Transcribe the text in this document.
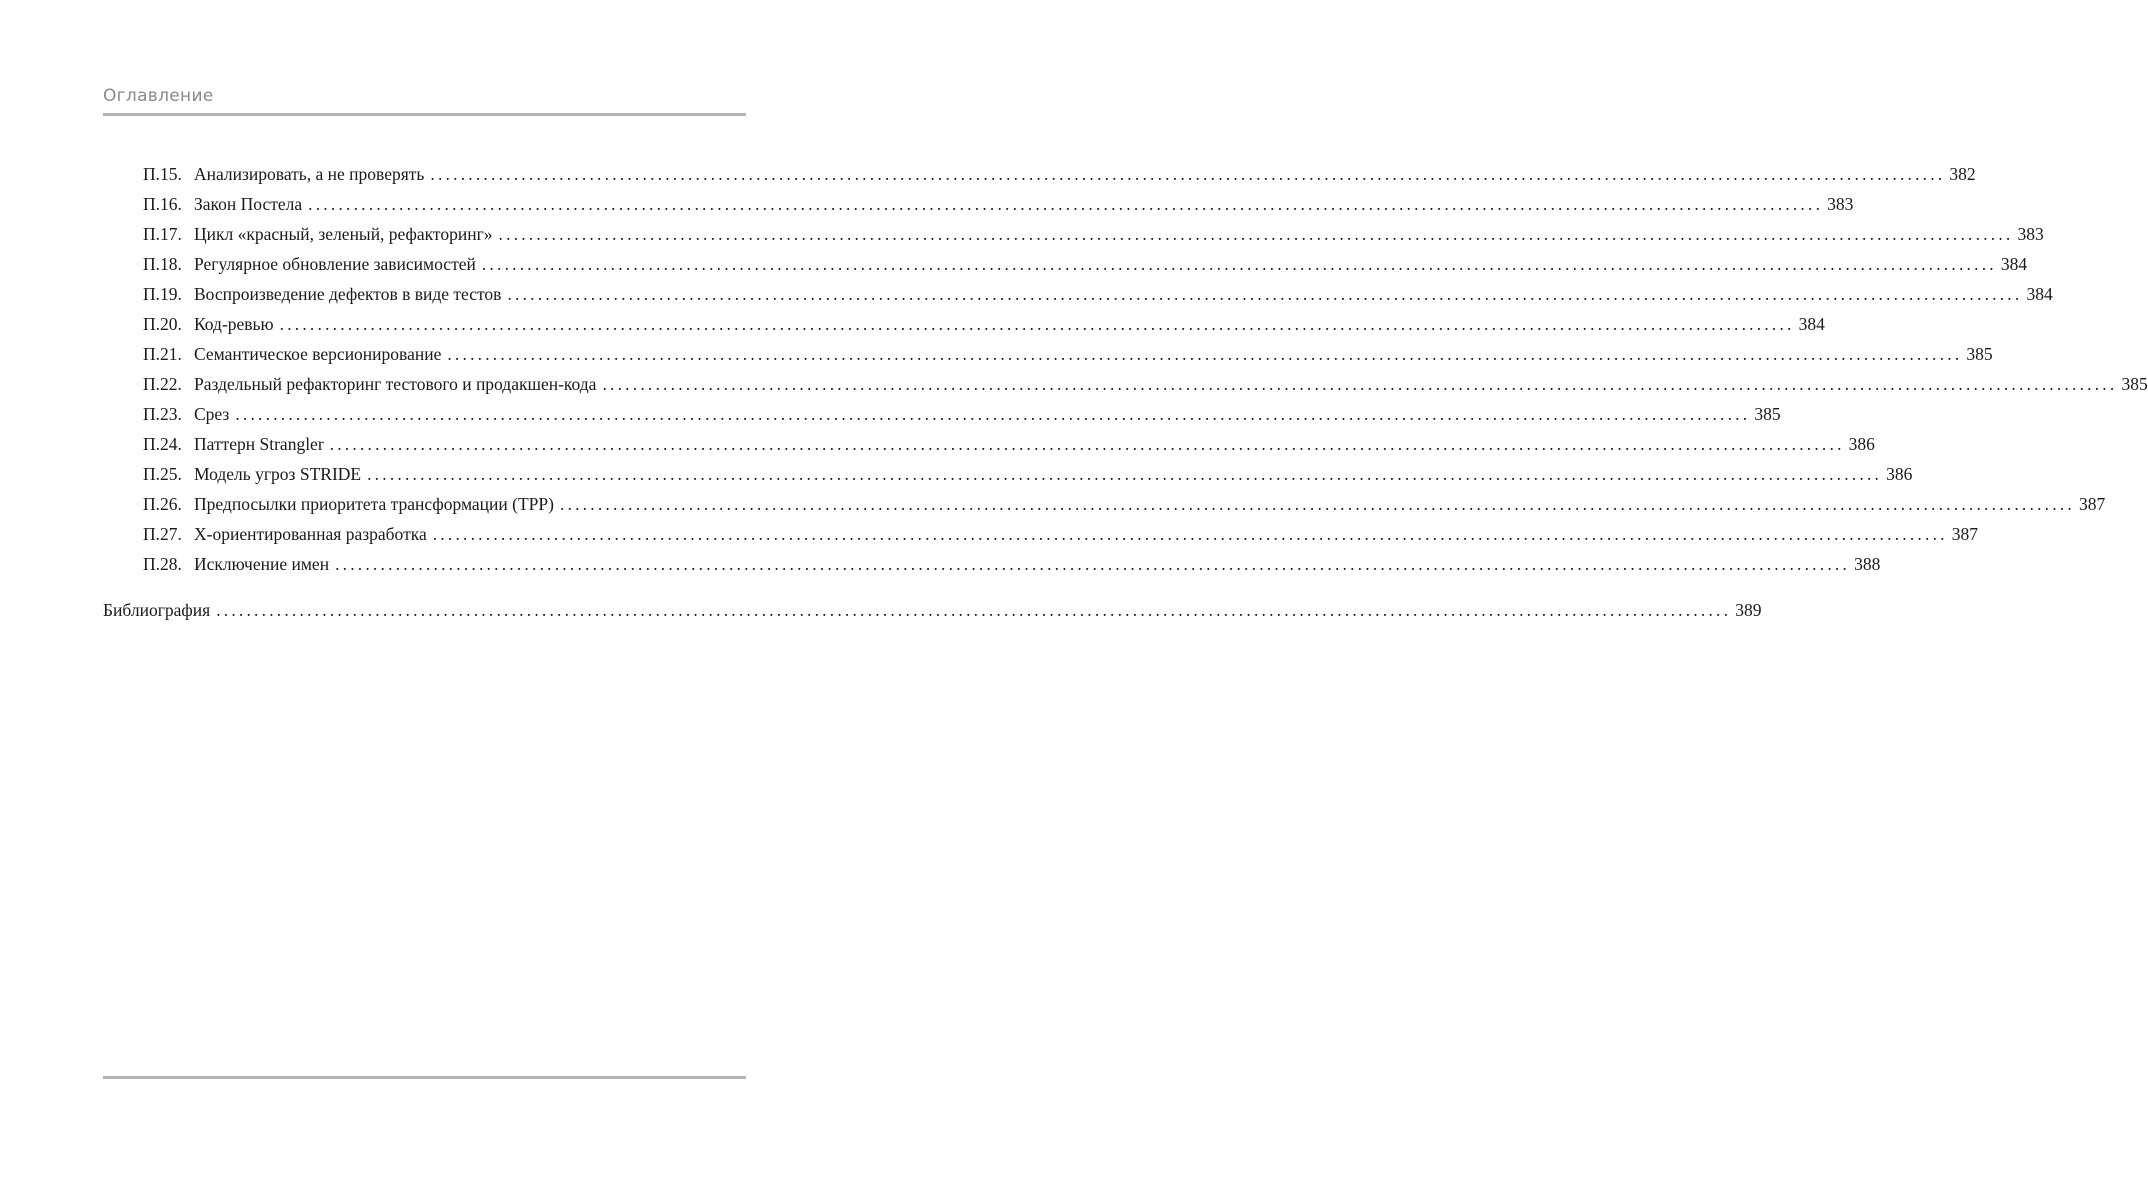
Оглавление
П.15. Анализировать, а не проверять ........................................................................................................................................................................................................ 382
П.16. Закон Постела ........................................................................................................................................................................................................ 383
П.17. Цикл «красный, зеленый, рефакторинг» ........................................................................................................................................................................................................ 383
П.18. Регулярное обновление зависимостей ........................................................................................................................................................................................................ 384
П.19. Воспроизведение дефектов в виде тестов ........................................................................................................................................................................................................ 384
П.20. Код-ревью ........................................................................................................................................................................................................ 384
П.21. Семантическое версионирование ........................................................................................................................................................................................................ 385
П.22. Раздельный рефакторинг тестового и продакшен-кода ........................................................................................................................................................................................................ 385
П.23. Срез ........................................................................................................................................................................................................ 385
П.24. Паттерн Strangler ........................................................................................................................................................................................................ 386
П.25. Модель угроз STRIDE ........................................................................................................................................................................................................ 386
П.26. Предпосылки приоритета трансформации (TPP) ........................................................................................................................................................................................................ 387
П.27. X-ориентированная разработка ........................................................................................................................................................................................................ 387
П.28. Исключение имен ........................................................................................................................................................................................................ 388
Библиография ........................................................................................................................................................................................................ 389
